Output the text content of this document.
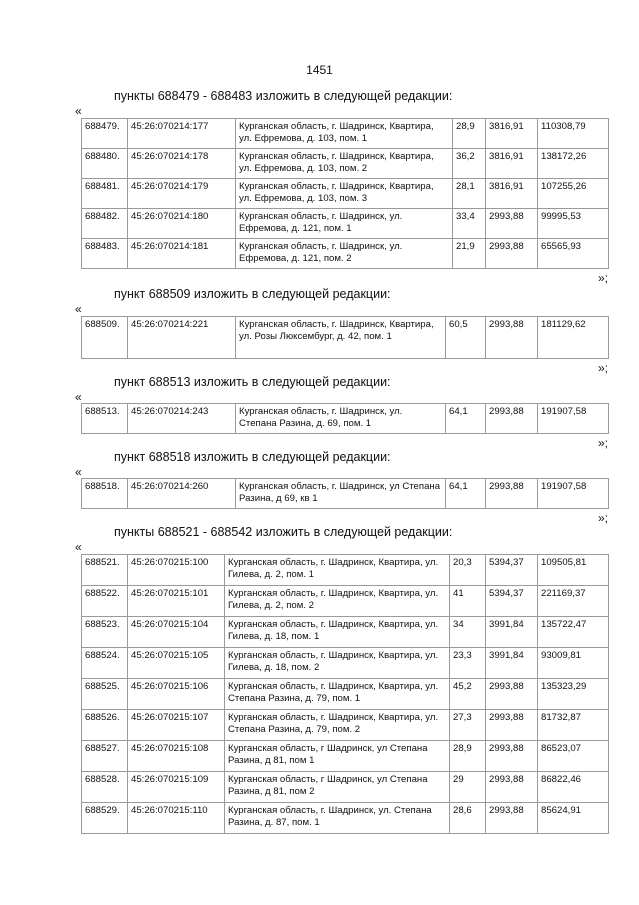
1451
пункты 688479 - 688483 изложить в следующей редакции:
«
688479.	45:26:070214:177	Курганская область, г. Шадринск, Квартира, ул. Ефремова, д. 103, пом. 1	28,9	3816,91	110308,79
688480.	45:26:070214:178	Курганская область, г. Шадринск, Квартира, ул. Ефремова, д. 103, пом. 2	36,2	3816,91	138172,26
688481.	45:26:070214:179	Курганская область, г. Шадринск, Квартира, ул. Ефремова, д. 103, пом. 3	28,1	3816,91	107255,26
688482.	45:26:070214:180	Курганская область, г. Шадринск, ул. Ефремова, д. 121, пом. 1	33,4	2993,88	99995,53
688483.	45:26:070214:181	Курганская область, г. Шадринск, ул. Ефремова, д. 121, пом. 2	21,9	2993,88	65565,93
»;
пункт 688509 изложить в следующей редакции:
«
688509.	45:26:070214:221	Курганская область, г. Шадринск, Квартира, ул. Розы Люксембург, д. 42, пом. 1	60,5	2993,88	181129,62
»;
пункт 688513 изложить в следующей редакции:
«
688513.	45:26:070214:243	Курганская область, г. Шадринск, ул. Степана Разина, д. 69, пом. 1	64,1	2993,88	191907,58
»;
пункт 688518 изложить в следующей редакции:
«
688518.	45:26:070214:260	Курганская область, г. Шадринск, ул Степана Разина, д 69, кв 1	64,1	2993,88	191907,58
»;
пункты 688521 - 688542 изложить в следующей редакции:
«
688521.	45:26:070215:100	Курганская область, г. Шадринск, Квартира, ул. Гилева, д. 2, пом. 1	20,3	5394,37	109505,81
688522.	45:26:070215:101	Курганская область, г. Шадринск, Квартира, ул. Гилева, д. 2, пом. 2	41	5394,37	221169,37
688523.	45:26:070215:104	Курганская область, г. Шадринск, Квартира, ул. Гилева, д. 18, пом. 1	34	3991,84	135722,47
688524.	45:26:070215:105	Курганская область, г. Шадринск, Квартира, ул. Гилева, д. 18, пом. 2	23,3	3991,84	93009,81
688525.	45:26:070215:106	Курганская область, г. Шадринск, Квартира, ул. Степана Разина, д. 79, пом. 1	45,2	2993,88	135323,29
688526.	45:26:070215:107	Курганская область, г. Шадринск, Квартира, ул. Степана Разина, д. 79, пом. 2	27,3	2993,88	81732,87
688527.	45:26:070215:108	Курганская область, г Шадринск, ул Степана Разина, д 81, пом 1	28,9	2993,88	86523,07
688528.	45:26:070215:109	Курганская область, г Шадринск, ул Степана Разина, д 81, пом 2	29	2993,88	86822,46
688529.	45:26:070215:110	Курганская область, г. Шадринск, ул. Степана Разина, д. 87, пом. 1	28,6	2993,88	85624,91
